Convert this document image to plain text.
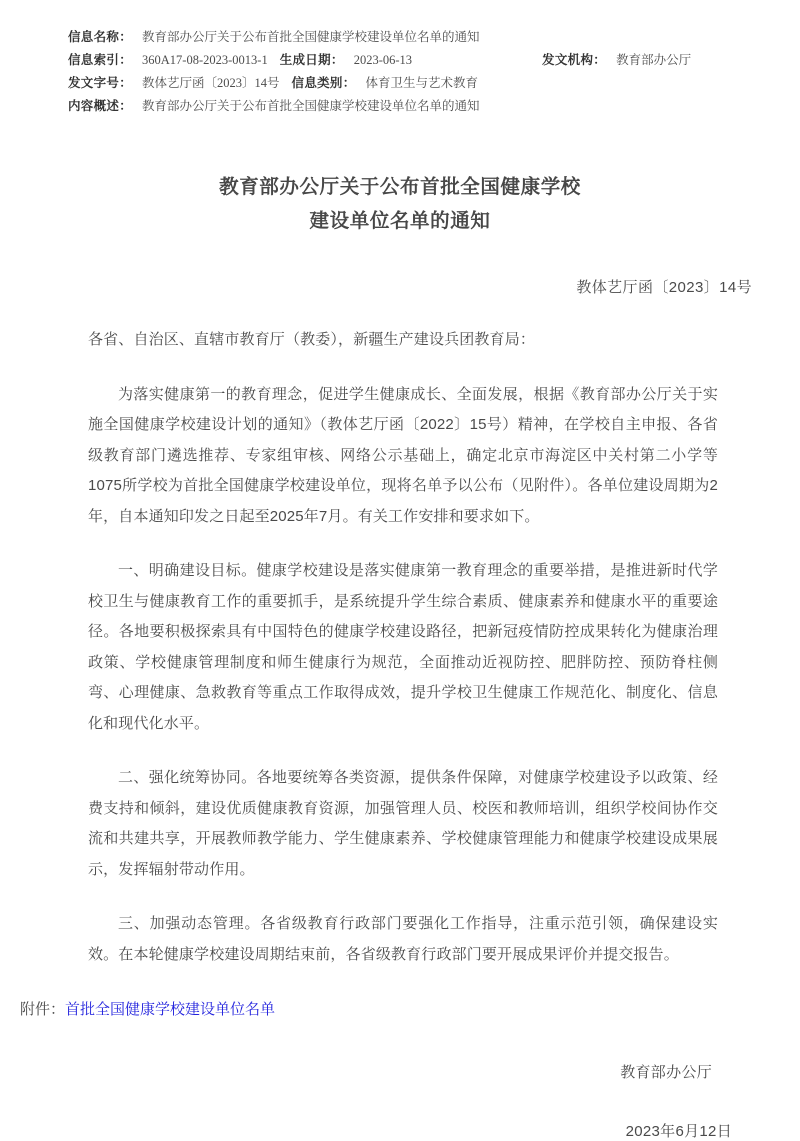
信息名称： 教育部办公厅关于公布首批全国健康学校建设单位名单的通知
信息索引： 360A17-08-2023-0013-1 生成日期： 2023-06-13	发文机构： 教育部办公厅
发文字号： 教体艺厅函〔2023〕14号 信息类别： 体育卫生与艺术教育
内容概述： 教育部办公厅关于公布首批全国健康学校建设单位名单的通知
教育部办公厅关于公布首批全国健康学校
建设单位名单的通知
教体艺厅函〔2023〕14号
各省、自治区、直辖市教育厅（教委），新疆生产建设兵团教育局：

为落实健康第一的教育理念，促进学生健康成长、全面发展，根据《教育部办公厅关于实施全国健康学校建设计划的通知》（教体艺厅函〔2022〕15号）精神，在学校自主申报、各省级教育部门遴选推荐、专家组审核、网络公示基础上，确定北京市海淀区中关村第二小学等1075所学校为首批全国健康学校建设单位，现将名单予以公布（见附件）。各单位建设周期为2年，自本通知印发之日起至2025年7月。有关工作安排和要求如下。

一、明确建设目标。健康学校建设是落实健康第一教育理念的重要举措，是推进新时代学校卫生与健康教育工作的重要抓手，是系统提升学生综合素质、健康素养和健康水平的重要途径。各地要积极探索具有中国特色的健康学校建设路径，把新冠疫情防控成果转化为健康治理政策、学校健康管理制度和师生健康行为规范，全面推动近视防控、肥胖防控、预防脊柱侧弯、心理健康、急救教育等重点工作取得成效，提升学校卫生健康工作规范化、制度化、信息化和现代化水平。

二、强化统筹协同。各地要统筹各类资源，提供条件保障，对健康学校建设予以政策、经费支持和倾斜，建设优质健康教育资源，加强管理人员、校医和教师培训，组织学校间协作交流和共建共享，开展教师教学能力、学生健康素养、学校健康管理能力和健康学校建设成果展示，发挥辐射带动作用。

三、加强动态管理。各省级教育行政部门要强化工作指导，注重示范引领，确保建设实效。在本轮健康学校建设周期结束前，各省级教育行政部门要开展成果评价并提交报告。

附件：首批全国健康学校建设单位名单
教育部办公厅
2023年6月12日
